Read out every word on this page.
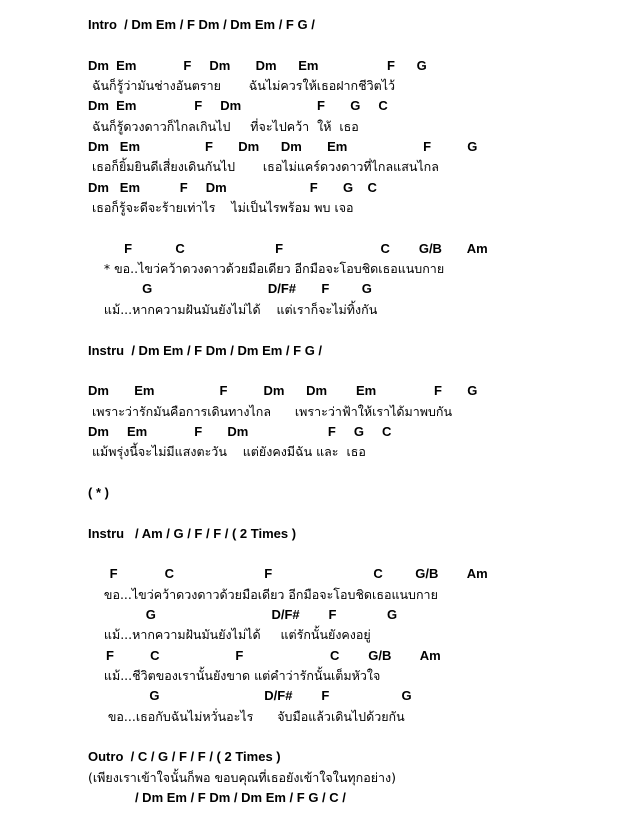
Intro  / Dm Em / F Dm / Dm Em / F G /
Dm  Em             F     Dm       Dm      Em                   F      G
ฉันก็รู้ว่ามันช่างอันตราย       ฉันไม่ควรให้เธอฝากชีวิตไว้
Dm  Em                F     Dm                     F       G     C
ฉันก็รู้ดวงดาวก็ไกลเกินไป     ที่จะไปคว้า  ให้  เธอ
Dm   Em                  F       Dm      Dm       Em                     F          G
เธอก็ยิ้มยินดีเสี่ยงเดินกันไป       เธอไม่แคร์ดวงดาวที่ไกลแสนไกล
Dm   Em           F     Dm                       F       G    C
เธอก็รู้จะดีจะร้ายเท่าไร    ไม่เป็นไรพร้อม พบ เจอ
F            C                         F                           C        G/B       Am
* ขอ..ไขว่คว้าดวงดาวด้วยมือเดียว อีกมือจะโอบชิดเธอแนบกาย
G                                D/F#       F         G
แม้...หากความฝันมันยังไม่ได้    แต่เราก็จะไม่ทิ้งกัน
Instru  / Dm Em / F Dm / Dm Em / F G /
Dm       Em                  F          Dm      Dm        Em                F       G
เพราะว่ารักมันคือการเดินทางไกล      เพราะว่าฟ้าให้เราได้มาพบกัน
Dm     Em             F       Dm                      F     G     C
แม้พรุ่งนี้จะไม่มีแสงตะวัน    แต่ยังคงมีฉัน และ  เธอ
( * )
Instru   / Am / G / F / F / ( 2 Times )
F             C                         F                            C         G/B        Am
ขอ...ไขว่คว้าดวงดาวด้วยมือเดียว อีกมือจะโอบชิดเธอแนบกาย
G                                D/F#        F              G
แม้...หากความฝันมันยังไม่ได้     แต่รักนั้นยังคงอยู่
F          C                     F                        C        G/B        Am
แม้...ชีวิตของเรานั้นยังขาด แต่คำว่ารักนั้นเต็มหัวใจ
G                             D/F#        F                    G
ขอ...เธอกับฉันไม่หวั่นอะไร      จับมือแล้วเดินไปด้วยกัน
Outro  / C / G / F / F / ( 2 Times )
(เพียงเราเข้าใจนั้นก็พอ ขอบคุณที่เธอยังเข้าใจในทุกอย่าง)
/ Dm Em / F Dm / Dm Em / F G / C /
